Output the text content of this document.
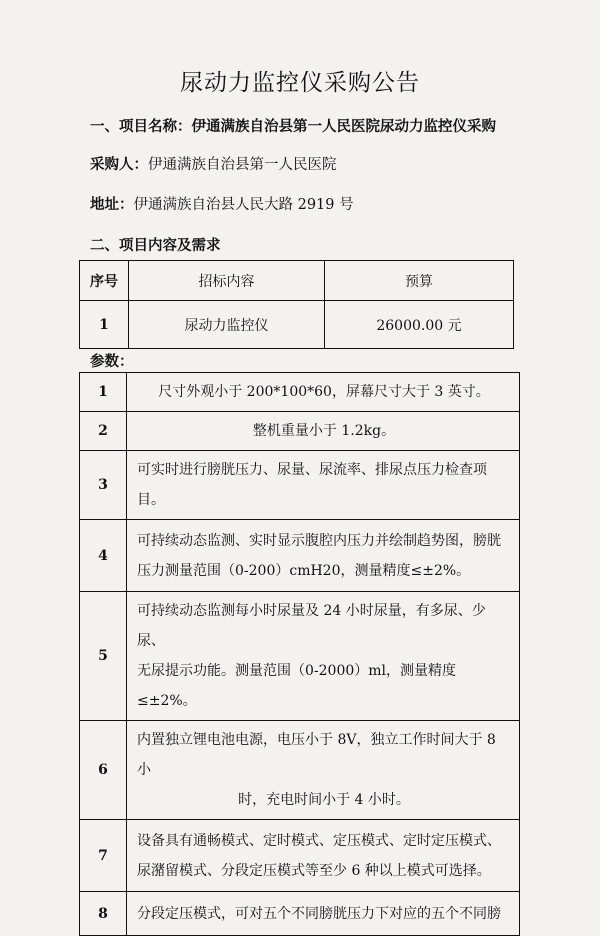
尿动力监控仪采购公告
一、项目名称：伊通满族自治县第一人民医院尿动力监控仪采购
采购人：伊通满族自治县第一人民医院
地址：伊通满族自治县人民大路 2919 号
二、项目内容及需求
序号	招标内容	预算
1	尿动力监控仪	26000.00 元
参数：
1	尺寸外观小于 200*100*60，屏幕尺寸大于 3 英寸。
2	整机重量小于 1.2kg。
3	可实时进行膀胱压力、尿量、尿流率、排尿点压力检查项目。
4	可持续动态监测、实时显示腹腔内压力并绘制趋势图，膀胱
压力测量范围（0-200）cmH20，测量精度≤±2%。

5	可持续动态监测每小时尿量及 24 小时尿量，有多尿、少尿、
无尿提示功能。测量范围（0-2000）ml，测量精度≤±2%。

6	内置独立锂电池电源，电压小于 8V，独立工作时间大于 8 小
时，充电时间小于 4 小时。

7	设备具有通畅模式、定时模式、定压模式、定时定压模式、
尿潴留模式、分段定压模式等至少 6 种以上模式可选择。

8	分段定压模式，可对五个不同膀胱压力下对应的五个不同膀
